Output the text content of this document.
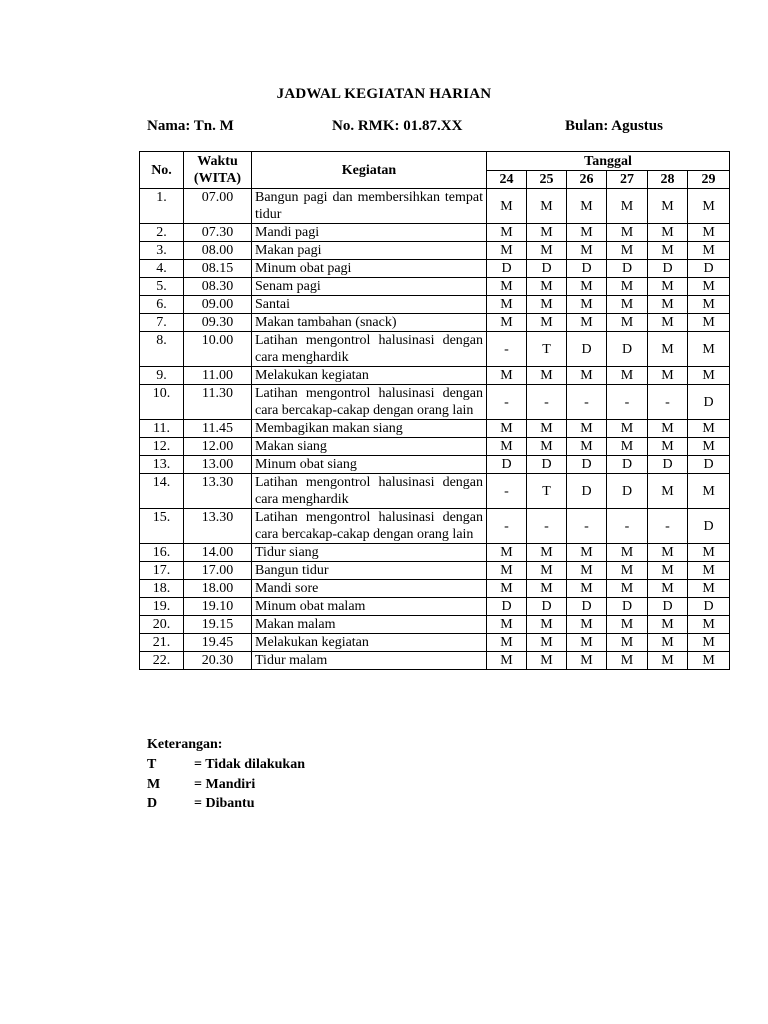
JADWAL KEGIATAN HARIAN
Nama: Tn. M	No. RMK: 01.87.XX	Bulan: Agustus
No.	Waktu (WITA)	Kegiatan	Tanggal					
			24	25	26	27	28	29
1.	07.00	Bangun pagi dan membersihkan tempat tidur	M	M	M	M	M	M
2.	07.30	Mandi pagi	M	M	M	M	M	M
3.	08.00	Makan pagi	M	M	M	M	M	M
4.	08.15	Minum obat pagi	D	D	D	D	D	D
5.	08.30	Senam pagi	M	M	M	M	M	M
6.	09.00	Santai	M	M	M	M	M	M
7.	09.30	Makan tambahan (snack)	M	M	M	M	M	M
8.	10.00	Latihan mengontrol halusinasi dengan cara menghardik	-	T	D	D	M	M
9.	11.00	Melakukan kegiatan	M	M	M	M	M	M
10.	11.30	Latihan mengontrol halusinasi dengan cara bercakap-cakap dengan orang lain	-	-	-	-	-	D
11.	11.45	Membagikan makan siang	M	M	M	M	M	M
12.	12.00	Makan siang	M	M	M	M	M	M
13.	13.00	Minum obat siang	D	D	D	D	D	D
14.	13.30	Latihan mengontrol halusinasi dengan cara menghardik	-	T	D	D	M	M
15.	13.30	Latihan mengontrol halusinasi dengan cara bercakap-cakap dengan orang lain	-	-	-	-	-	D
16.	14.00	Tidur siang	M	M	M	M	M	M
17.	17.00	Bangun tidur	M	M	M	M	M	M
18.	18.00	Mandi sore	M	M	M	M	M	M
19.	19.10	Minum obat malam	D	D	D	D	D	D
20.	19.15	Makan malam	M	M	M	M	M	M
21.	19.45	Melakukan kegiatan	M	M	M	M	M	M
22.	20.30	Tidur malam	M	M	M	M	M	M
Keterangan:
T	= Tidak dilakukan
M = Mandiri
D	= Dibantu
